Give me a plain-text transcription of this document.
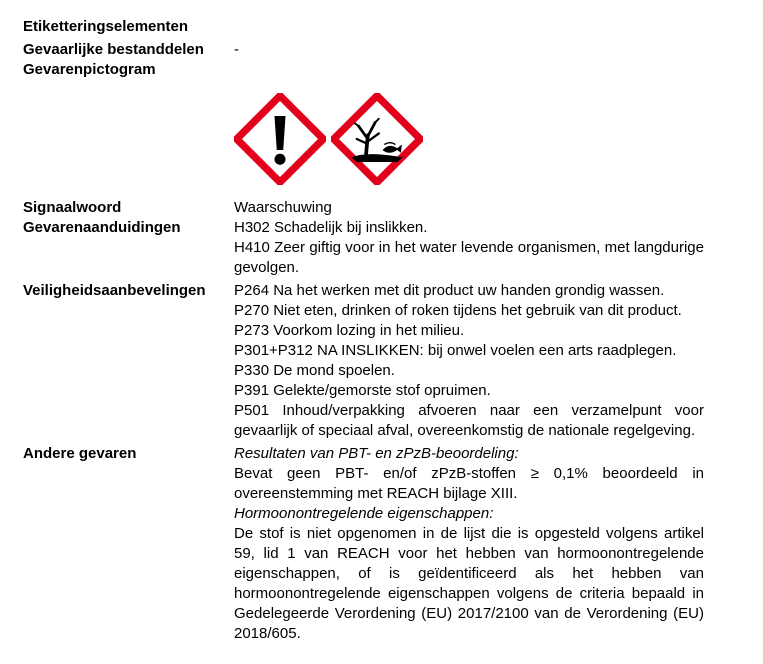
Etiketteringselementen
Gevaarlijke bestanddelen -
Gevarenpictogram
Signaalwoord	Waarschuwing
Gevarenaanduidingen	H302 Schadelijk bij inslikken.

H410 Zeer giftig voor in het water levende organismen, met langdurige gevolgen.

Veiligheidsaanbevelingen P264 Na het werken met dit product uw handen grondig wassen.

P270 Niet eten, drinken of roken tijdens het gebruik van dit product.

P273 Voorkom lozing in het milieu.

P301+P312 NA INSLIKKEN: bij onwel voelen een arts raadplegen.

P330 De mond spoelen.

P391 Gelekte/gemorste stof opruimen.

P501 Inhoud/verpakking afvoeren naar een verzamelpunt voor gevaarlijk of speciaal afval, overeenkomstig de nationale regelgeving.

Andere gevaren	Resultaten van PBT- en zPzB-beoordeling:

Bevat geen PBT- en/of zPzB-stoffen ≥ 0,1% beoordeeld in overeenstemming met REACH bijlage XIII.

Hormoonontregelende eigenschappen:

De stof is niet opgenomen in de lijst die is opgesteld volgens artikel 59, lid 1 van REACH voor het hebben van hormoonontregelende eigenschappen, of is geïdentificeerd als het hebben van hormoonontregelende eigenschappen volgens de criteria bepaald in Gedelegeerde Verordening (EU) 2017/2100 van de Verordening (EU) 2018/605.
